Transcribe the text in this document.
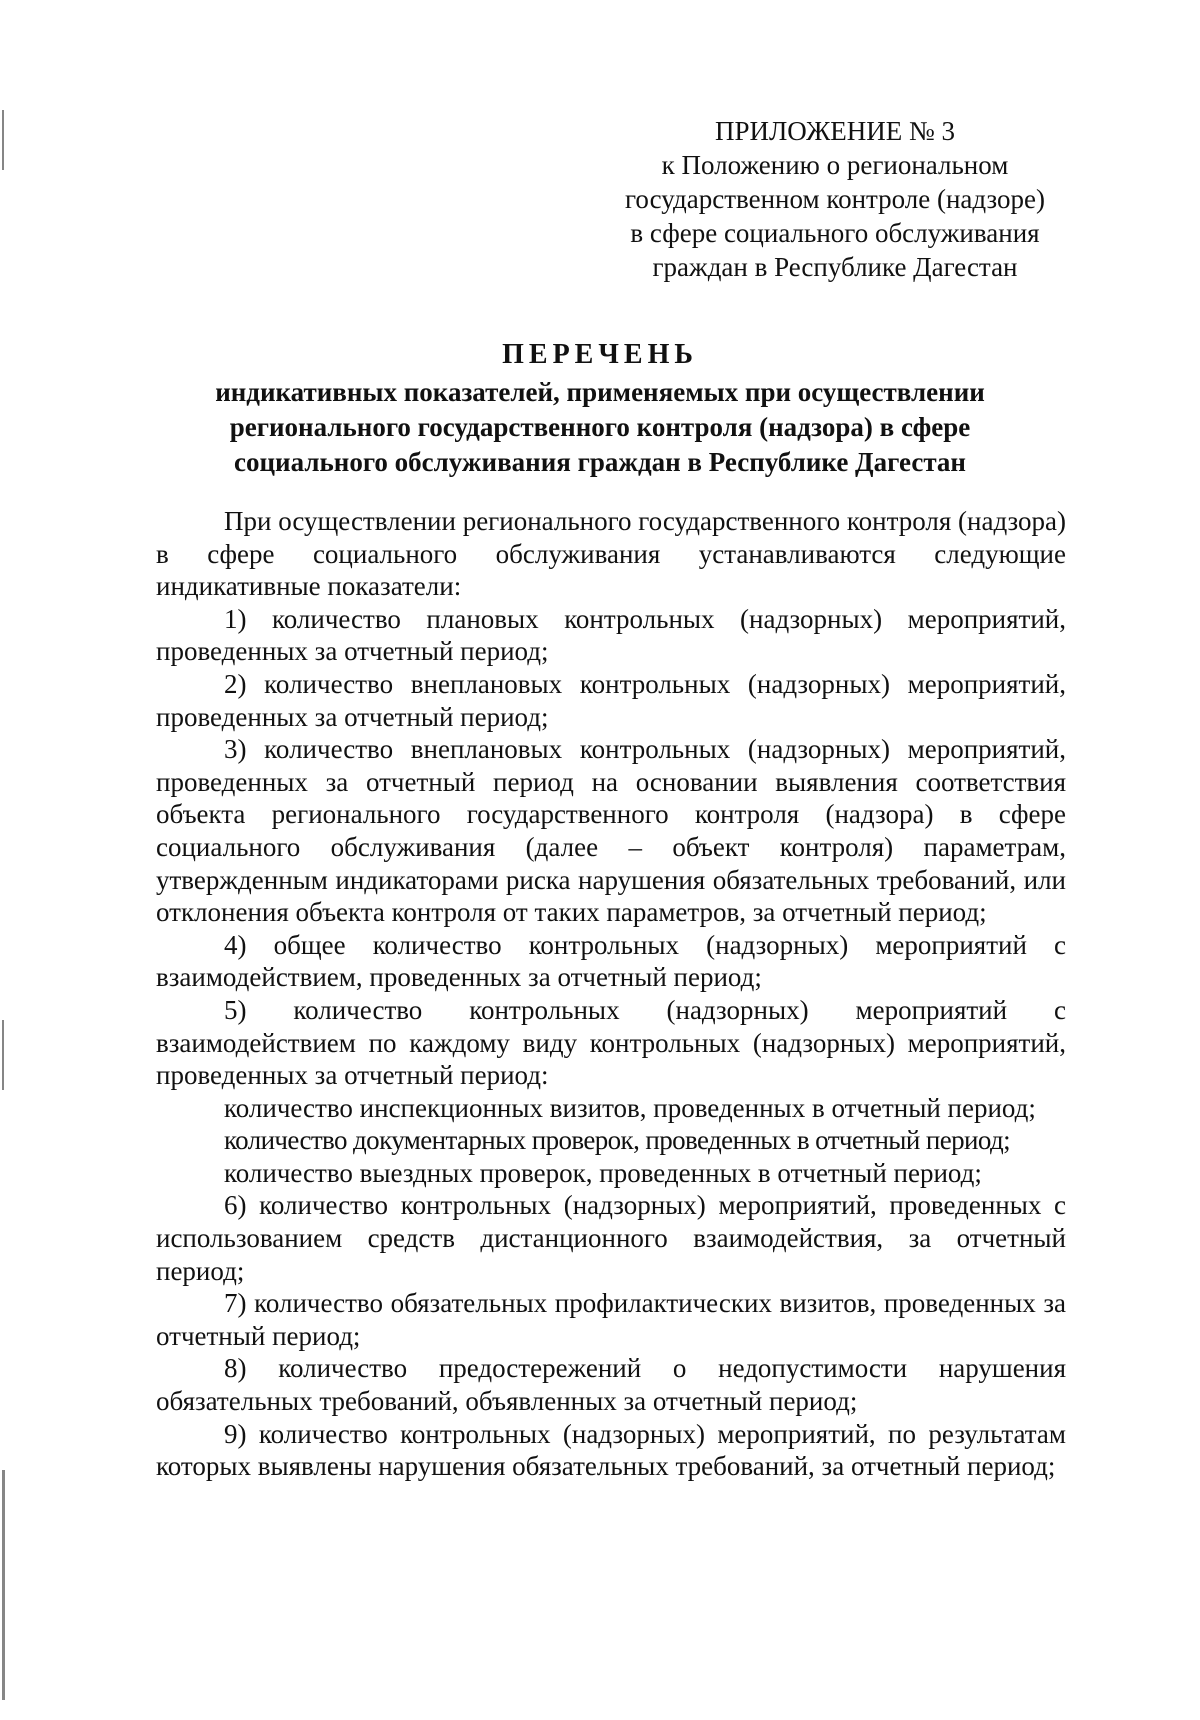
ПРИЛОЖЕНИЕ № 3
к Положению о региональном
государственном контроле (надзоре)
в сфере социального обслуживания
граждан в Республике Дагестан
ПЕРЕЧЕНЬ
индикативных показателей, применяемых при осуществлении
регионального государственного контроля (надзора) в сфере
социального обслуживания граждан в Республике Дагестан

При осуществлении регионального государственного контроля (надзора) в сфере социального обслуживания устанавливаются следующие индикативные показатели:

1) количество плановых контрольных (надзорных) мероприятий, проведенных за отчетный период;

2) количество внеплановых контрольных (надзорных) мероприятий, проведенных за отчетный период;

3) количество внеплановых контрольных (надзорных) мероприятий, проведенных за отчетный период на основании выявления соответствия объекта регионального государственного контроля (надзора) в сфере социального обслуживания (далее – объект контроля) параметрам, утвержденным индикаторами риска нарушения обязательных требований, или отклонения объекта контроля от таких параметров, за отчетный период;

4) общее количество контрольных (надзорных) мероприятий с взаимодействием, проведенных за отчетный период;

5) количество контрольных (надзорных) мероприятий с взаимодействием по каждому виду контрольных (надзорных) мероприятий, проведенных за отчетный период:

количество инспекционных визитов, проведенных в отчетный период;

количество документарных проверок, проведенных в отчетный период;

количество выездных проверок, проведенных в отчетный период;

6) количество контрольных (надзорных) мероприятий, проведенных с использованием средств дистанционного взаимодействия, за отчетный период;

7) количество обязательных профилактических визитов, проведенных за отчетный период;

8) количество предостережений о недопустимости нарушения обязательных требований, объявленных за отчетный период;

9) количество контрольных (надзорных) мероприятий, по результатам которых выявлены нарушения обязательных требований, за отчетный период;
